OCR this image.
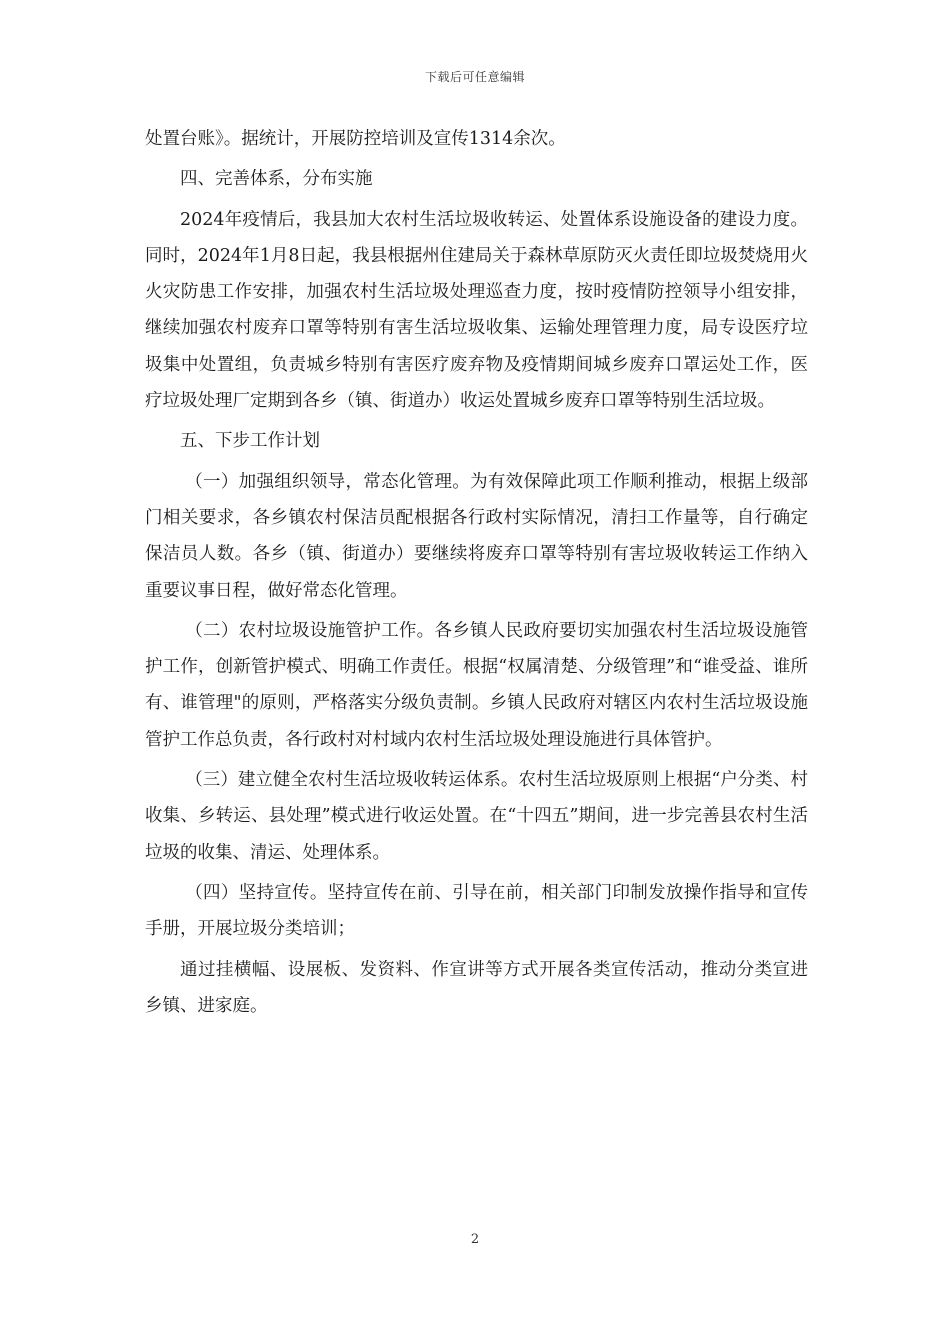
下载后可任意编辑

处置台账》。据统计，开展防控培训及宣传1314余次。

四、完善体系，分布实施

2024年疫情后，我县加大农村生活垃圾收转运、处置体系设施设备的建设力度。同时，2024年1月8日起，我县根据州住建局关于森林草原防灭火责任即垃圾焚烧用火火灾防患工作安排，加强农村生活垃圾处理巡查力度，按时疫情防控领导小组安排，继续加强农村废弃口罩等特别有害生活垃圾收集、运输处理管理力度，局专设医疗垃圾集中处置组，负责城乡特别有害医疗废弃物及疫情期间城乡废弃口罩运处工作，医疗垃圾处理厂定期到各乡（镇、街道办）收运处置城乡废弃口罩等特别生活垃圾。

五、下步工作计划

（一）加强组织领导，常态化管理。为有效保障此项工作顺利推动，根据上级部门相关要求，各乡镇农村保洁员配根据各行政村实际情况，清扫工作量等，自行确定保洁员人数。各乡（镇、街道办）要继续将废弃口罩等特别有害垃圾收转运工作纳入重要议事日程，做好常态化管理。

（二）农村垃圾设施管护工作。各乡镇人民政府要切实加强农村生活垃圾设施管护工作，创新管护模式、明确工作责任。根据“权属清楚、分级管理”和“谁受益、谁所有、谁管理"的原则，严格落实分级负责制。乡镇人民政府对辖区内农村生活垃圾设施管护工作总负责，各行政村对村域内农村生活垃圾处理设施进行具体管护。

（三）建立健全农村生活垃圾收转运体系。农村生活垃圾原则上根据“户分类、村收集、乡转运、县处理”模式进行收运处置。在“十四五”期间，进一步完善县农村生活垃圾的收集、清运、处理体系。

（四）坚持宣传。坚持宣传在前、引导在前，相关部门印制发放操作指导和宣传手册，开展垃圾分类培训；

通过挂横幅、设展板、发资料、作宣讲等方式开展各类宣传活动，推动分类宣进乡镇、进家庭。

2
